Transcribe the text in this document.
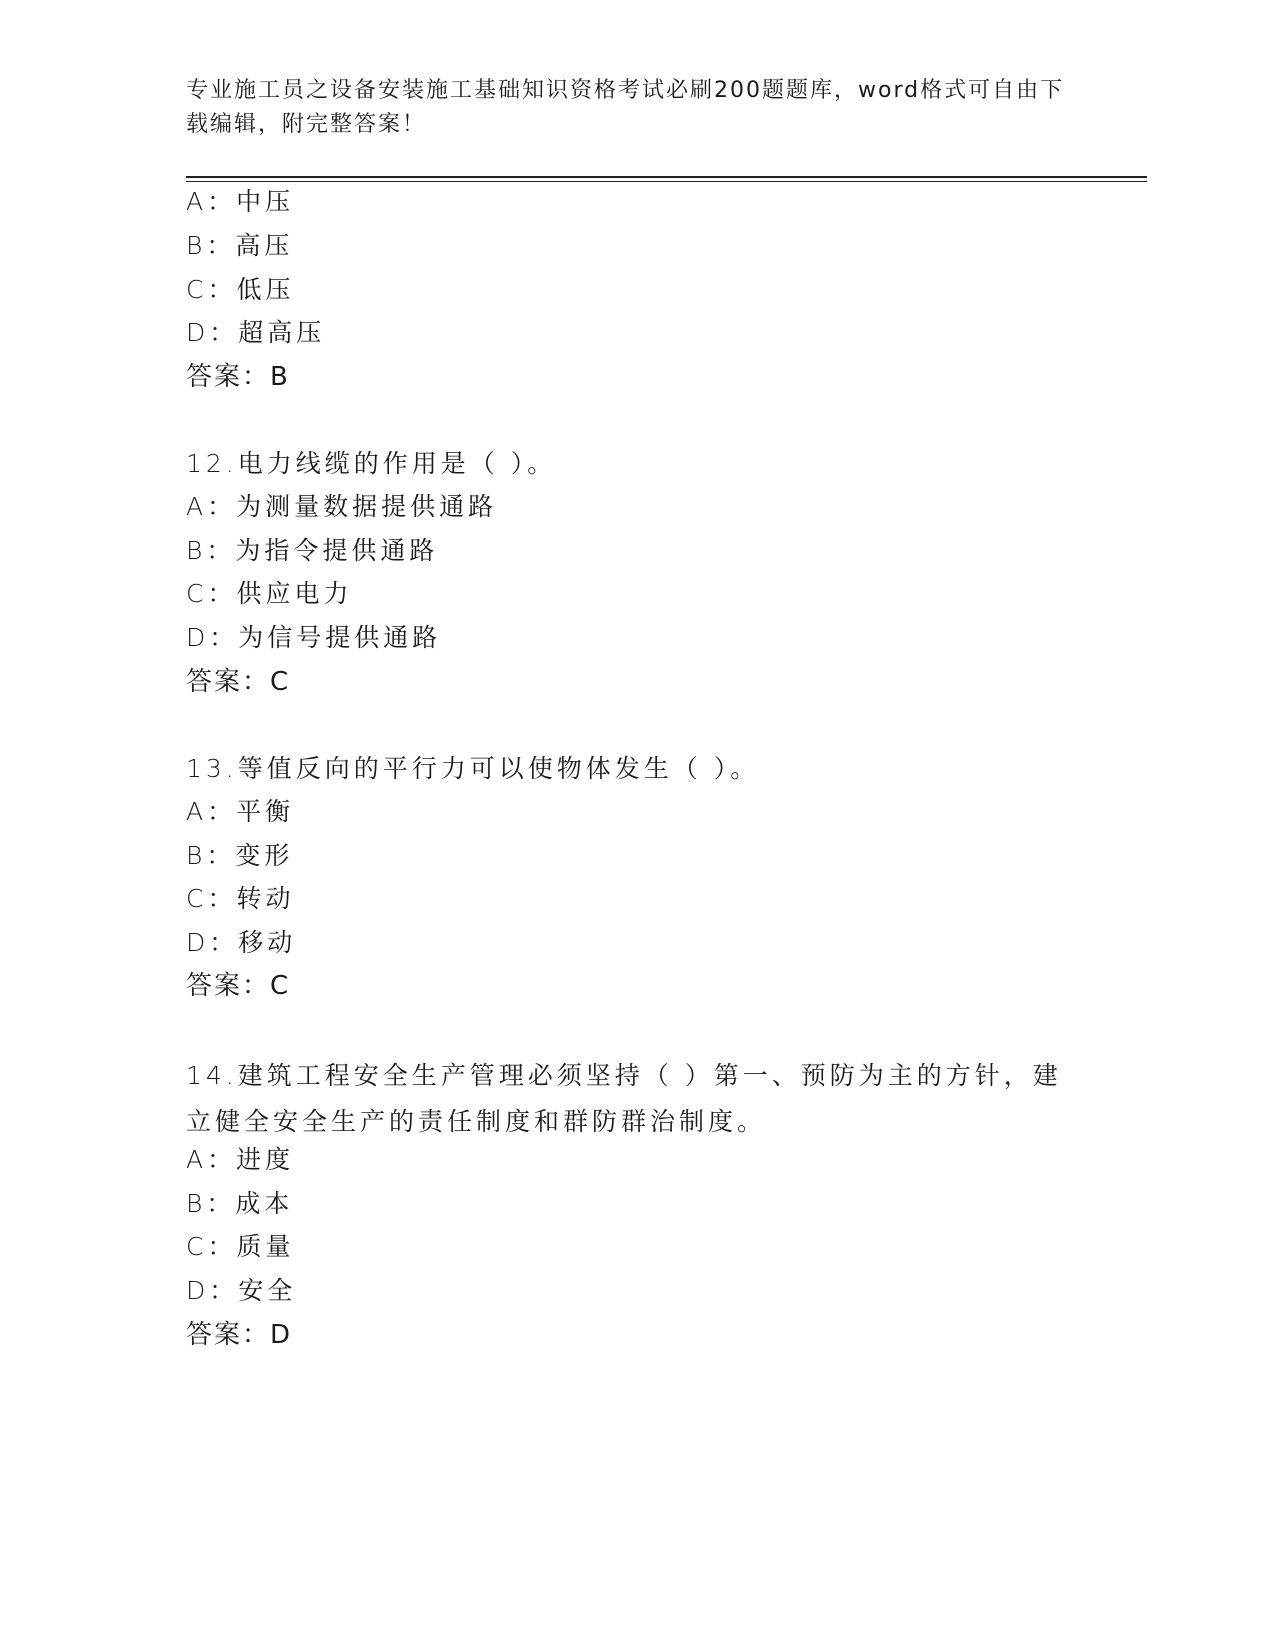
专业施工员之设备安装施工基础知识资格考试必刷200题题库，word格式可自由下载编辑，附完整答案！
A：中压
B：高压
C：低压
D：超高压
答案：B
12.电力线缆的作用是（ ）。
A：为测量数据提供通路
B：为指令提供通路
C：供应电力
D：为信号提供通路
答案：C
13.等值反向的平行力可以使物体发生（ ）。
A：平衡
B：变形
C：转动
D：移动
答案：C
14.建筑工程安全生产管理必须坚持（ ）第一、预防为主的方针，建立健全安全生产的责任制度和群防群治制度。
A：进度
B：成本
C：质量
D：安全
答案：D
